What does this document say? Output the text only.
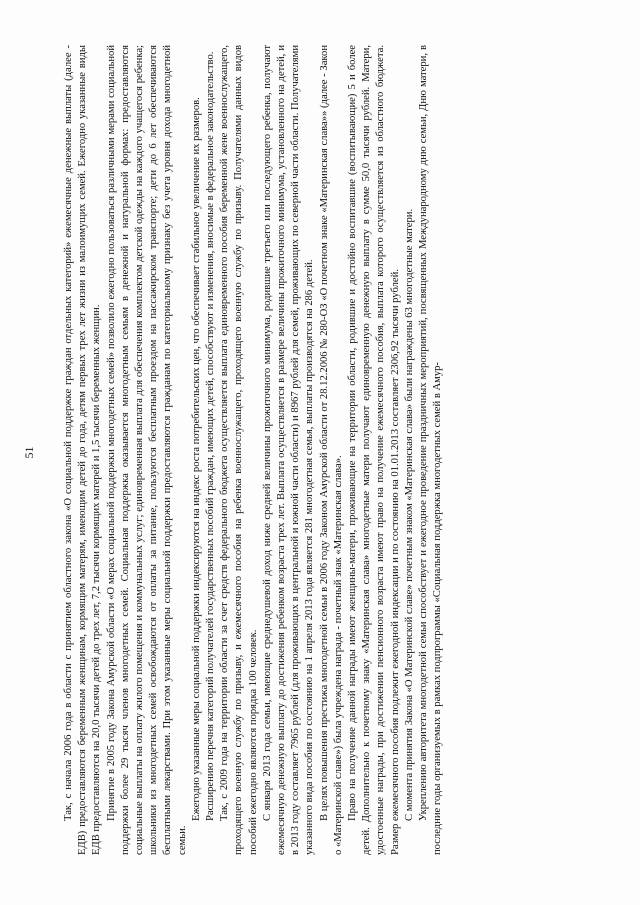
51	Так, с начала 2006 года в области с принятием областного закона «О социальной поддержке граждан отдельных категорий» ежемесячные денежные выплаты (далее - ЕДВ) предоставляются беременным женщинам, кормящим матерям, имеющим детей до года, детям первых трех лет жизни из малоимущих семей. Ежегодно указанные виды ЕДВ предоставляются на 20,0 тысячи детей до трех лет, 7,2 тысячи кормящих матерей и 1,5 тысячи беременных женщин. Принятие в 2005 году Закона Амурской области «О мерах социальной поддержки многодетных семей» позволило ежегодно пользоваться различными мерами социальной поддержки более 29 тысяч членов многодетных семей. Социальная поддержка оказывается многодетным семьям в денежной и натуральной формах: предоставляются социальные выплаты на оплату жилого помещения и коммунальных услуг; единовременная выплата для обеспечения комплектом детской одежды на каждого учащегося ребенка; школьники из многодетных семей освобождаются от оплаты за питание, пользуются бесплатным проездом на пассажирском транспорте; дети до 6 лет обеспечиваются бесплатными лекарствами. При этом указанные меры социальной поддержки предоставляются гражданам по категориальному признаку без учета уровня дохода многодетной семьи.

Ежегодно указанные меры социальной поддержки индексируются на индекс роста потребительских цен, что обеспечивает стабильное увеличение их размеров. Расширению перечня категорий получателей государственных пособий граждан, имеющих детей, способствуют и изменения, вносимые в федеральное законодательство. Так, с 2009 года на территории области за счет средств федерального бюджета осуществляется выплата единовременного пособия беременной жене военнослужащего, проходящего военную службу по призыву, и ежемесячного пособия на ребенка военнослужащего, проходящего военную службу по призыву. Получателями данных видов пособий ежегодно являются порядка 100 человек. С января 2013 года семьи, имеющие среднедушевой доход ниже средней величины прожиточного минимума, родившие третьего или последующего ребенка, получают ежемесячную денежную выплату до достижения ребенком возраста трех лет. Выплата осуществляется в размере величины прожиточного минимума, установленного на детей, и в 2013 году составляет 7965 рублей (для проживающих в центральной и южной части области) и 8967 рублей для семей, проживающих по северной части области. Получателями указанного вида пособия по состоянию на 1 апреля 2013 года является 281 многодетная семья, выплаты производятся на 286 детей. В целях повышения престижа многодетной семьи в 2006 году Законом Амурской области от 28.12.2006 № 280-ОЗ «О почетном знаке «Материнская слава»» (далее - Закон о «Материнской славе») была учреждена награда - почетный знак «Материнская слава». Право на получение данной награды имеют женщины-матери, проживающие на территории области, родившие и достойно воспитавшие (воспитывающие) 5 и более детей. Дополнительно к почетному знаку «Материнская слава» многодетные матери получают единовременную денежную выплату в сумме 50,0 тысячи рублей. Матери, удостоенные награды, при достижении пенсионного возраста имеют право на получение ежемесячного пособия, выплата которого осуществляется из областного бюджета. Размер ежемесячного пособия подлежит ежегодной индексации и по состоянию на 01.01.2013 составляет 2306,92 тысячи рублей. С момента принятия Закона «О Материнской славе» почетным знаком «Материнская слава» были награждены 63 многодетные матери. Укреплению авторитета многодетной семьи способствует и ежегодное проведение праздничных мероприятий, посвященных Международному дню семьи, Дню матери, в последние годы организуемых в рамках подпрограммы «Социальная поддержка многодетных семей в Амур-
